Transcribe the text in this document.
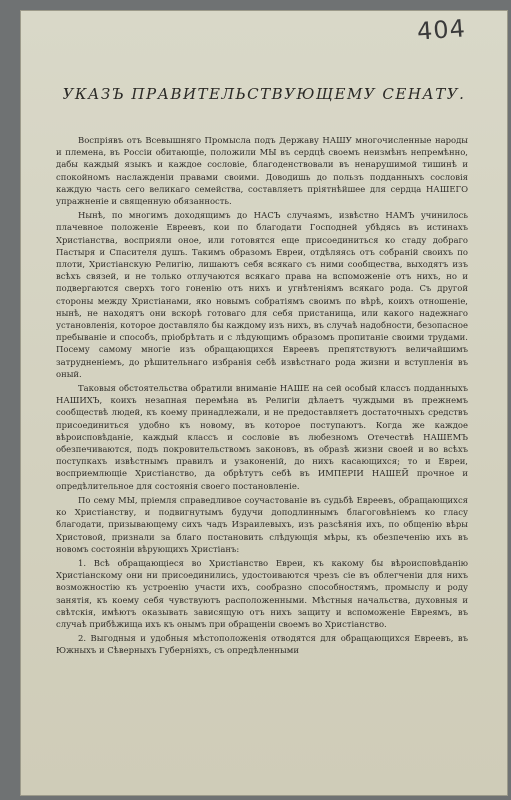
404
УКАЗЪ ПРАВИТЕЛЬСТВУЮЩЕМУ СЕНАТУ.

Воспріявъ отъ Всевышняго Промысла подъ Державу НАШУ многочисленные народы и племена, въ Россіи обитающіе, положили МЫ въ сердцѣ своемъ неизмѣнъ непремѣнно, дабы каждый языкъ и каждое сословіе, благоденствовали въ ненарушимой тишинѣ и спокойномъ наслажденіи правами своими. Доводишь до пользъ подданныхъ сословія каждую часть сего великаго семейства, составляетъ пріятнѣйшее для сердца НАШЕГО упражненіе и священную обязанность.

Нынѣ, по многимъ доходящимъ до НАСЪ случаямъ, извѣстно НАМЪ учинилось плачевное положеніе Евреевъ, кои по благодати Господней убѣдясь въ истинахъ Христіанства, восприяли оное, или готовятся еще присоединиться ко стаду добраго Пастыря и Спасителя душъ. Такимъ образомъ Евреи, отдѣляясь отъ собраній своихъ по плоти, Христіанскую Религію, лишаютъ себя всякаго съ ними сообщества, выходятъ изъ всѣхъ связей, и не только отлучаются всякаго права на вспоможеніе отъ нихъ, но и подвергаются сверхъ того гоненію отъ нихъ и угнѣтеніямъ всякаго рода. Съ другой стороны между Христіанами, яко новымъ собратіямъ своимъ по вѣрѣ, коихъ отношеніе, нынѣ, не находятъ они вскорѣ готоваго для себя пристанища, или какого надежнаго установленія, которое доставляло бы каждому изъ нихъ, въ случаѣ надобности, безопасное пребываніе и способъ, пріобрѣтать и с лѣдующимъ образомъ пропитаніе своими трудами. Посему самому многіе изъ обращающихся Евреевъ препятствуютъ величайшимъ затрудненіемъ, до рѣшительнаго избранія себѣ извѣстнаго рода жизни и вступленія въ оный.

Таковыя обстоятельства обратили вниманіе НАШЕ на сей особый классъ подданныхъ НАШИХЪ, коихъ незапная перемѣна въ Религіи дѣлаетъ чуждыми въ прежнемъ сообществѣ людей, къ коему принадлежали, и не предоставляетъ достаточныхъ средствъ присоединиться удобно къ новому, въ которое поступаютъ. Когда же каждое вѣроисповѣданіе, каждый классъ и сословіе въ любезномъ Отечествѣ НАШЕМЪ обезпечиваются, подъ покровительствомъ законовъ, въ образѣ жизни своей и во всѣхъ поступкахъ извѣстнымъ правилъ и узаконеній, до нихъ касающихся; то и Евреи, восприемлющіе Христіанство, да обрѣтутъ себѣ въ ИМПЕРІИ НАШЕЙ прочное и опредѣлительное для состоянія своего постановленіе.

По сему МЫ, пріемля справедливое соучастованіе въ судьбѣ Евреевъ, обращающихся ко Христіанству, и подвигнутымъ будучи доподлиннымъ благоговѣніемъ ко гласу благодати, призывающему сихъ чадъ Израилевыхъ, изъ разсѣянія ихъ, по общенію вѣры Христовой, признали за благо постановить слѣдующія мѣры, къ обезпеченію ихъ въ новомъ состояніи вѣрующихъ Христіанъ:

1. Всѣ обращающіеся во Христіанство Евреи, къ какому бы вѣроисповѣданію Христіанскому они ни присоединились, удостоиваются чрезъ сіе въ облегченіи для нихъ возможностію къ устроенію участи ихъ, сообразно способностямъ, промыслу и роду занятія, къ коему себя чувствуютъ расположенными. Мѣстныя начальства, духовныя и свѣтскія, имѣютъ оказывать зависящую отъ нихъ защиту и вспоможеніе Евреямъ, въ случаѣ прибѣжища ихъ къ онымъ при обращеніи своемъ во Христіанство.

2. Выгодныя и удобныя мѣстоположенія отводятся для обращающихся Евреевъ, въ Южныхъ и Сѣверныхъ Губерніяхъ, съ опредѣленными
